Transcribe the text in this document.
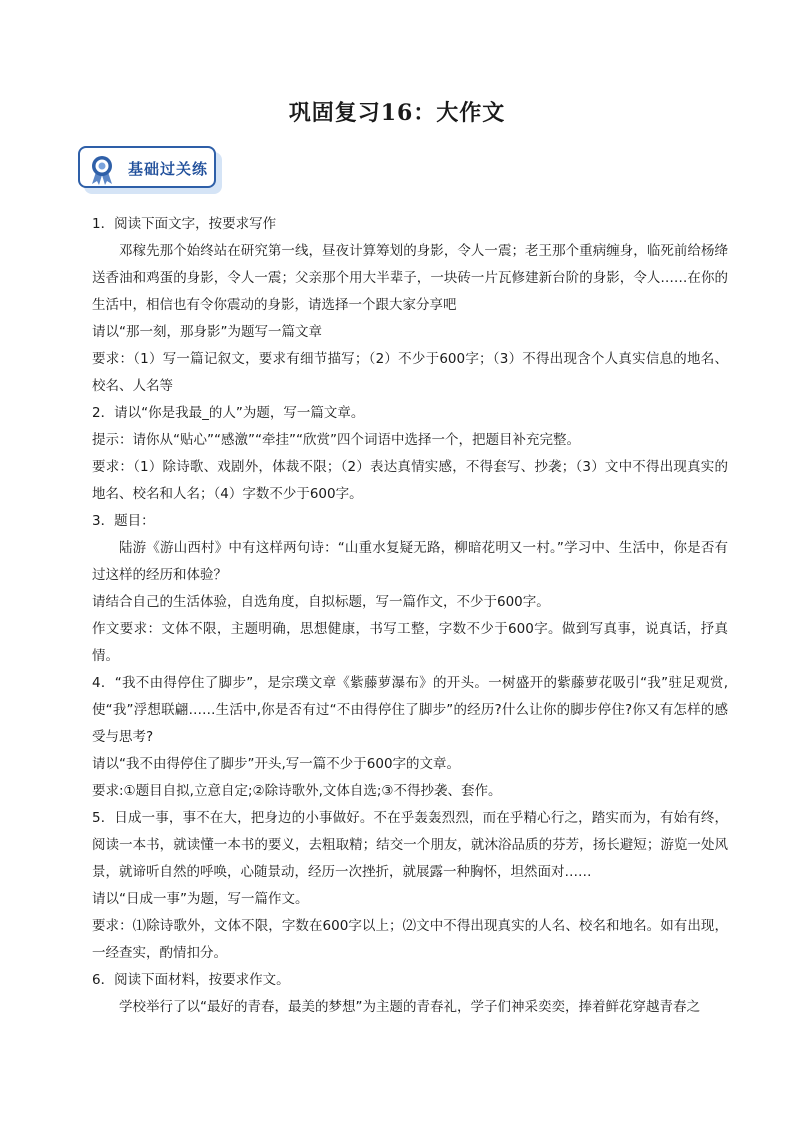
巩固复习16：大作文
基础过关练

1．阅读下面文字，按要求写作

邓稼先那个始终站在研究第一线，昼夜计算筹划的身影，令人一震；老王那个重病缠身，临死前给杨绛送香油和鸡蛋的身影，令人一震；父亲那个用大半辈子，一块砖一片瓦修建新台阶的身影，令人……在你的生活中，相信也有令你震动的身影，请选择一个跟大家分享吧

请以“那一刻，那身影”为题写一篇文章

要求：（1）写一篇记叙文，要求有细节描写；（2）不少于600字；（3）不得出现含个人真实信息的地名、校名、人名等

2．请以“你是我最_的人”为题，写一篇文章。

提示：请你从“贴心”“感激”“牵挂”“欣赏”四个词语中选择一个，把题目补充完整。

要求：（1）除诗歌、戏剧外，体裁不限；（2）表达真情实感，不得套写、抄袭；（3）文中不得出现真实的地名、校名和人名；（4）字数不少于600字。

3．题目：

陆游《游山西村》中有这样两句诗：“山重水复疑无路，柳暗花明又一村。”学习中、生活中，你是否有过这样的经历和体验？

请结合自己的生活体验，自选角度，自拟标题，写一篇作文，不少于600字。

作文要求：文体不限，主题明确，思想健康，书写工整，字数不少于600字。做到写真事，说真话，抒真情。

4．“我不由得停住了脚步”，是宗璞文章《紫藤萝瀑布》的开头。一树盛开的紫藤萝花吸引“我”驻足观赏,使“我”浮想联翩……生活中,你是否有过“不由得停住了脚步”的经历?什么让你的脚步停住?你又有怎样的感受与思考?

请以“我不由得停住了脚步”开头,写一篇不少于600字的文章。

要求:①题目自拟,立意自定;②除诗歌外,文体自选;③不得抄袭、套作。

5．日成一事，事不在大，把身边的小事做好。不在乎轰轰烈烈，而在乎精心行之，踏实而为，有始有终，阅读一本书，就读懂一本书的要义，去粗取精；结交一个朋友，就沐浴品质的芬芳，扬长避短；游览一处风景，就谛听自然的呼唤，心随景动，经历一次挫折，就展露一种胸怀，坦然面对……

请以“日成一事”为题，写一篇作文。

要求：⑴除诗歌外，文体不限，字数在600字以上；⑵文中不得出现真实的人名、校名和地名。如有出现，一经查实，酌情扣分。

6．阅读下面材料，按要求作文。

学校举行了以“最好的青春，最美的梦想”为主题的青春礼，学子们神采奕奕，捧着鲜花穿越青春之
